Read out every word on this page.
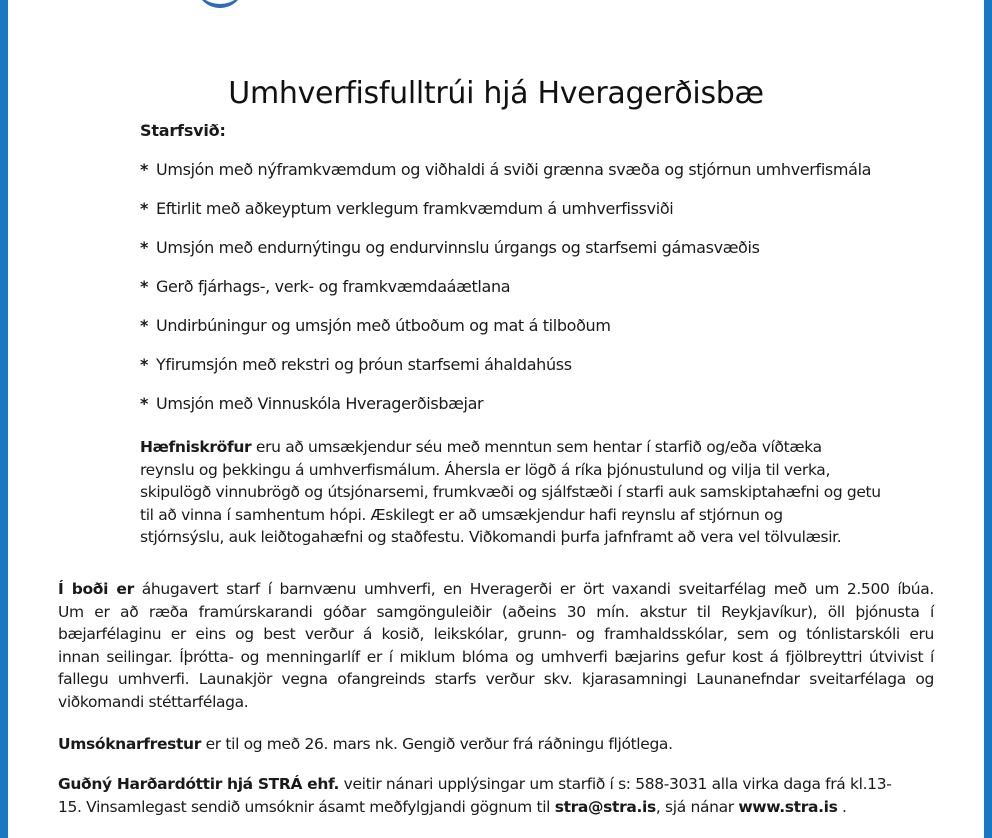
Umhverfisfulltrúi hjá Hveragerðisbæ
Starfsvið:
* Umsjón með nýframkvæmdum og viðhaldi á sviði grænna svæða og stjórnun umhverfismála
* Eftirlit með aðkeyptum verklegum framkvæmdum á umhverfissviði
* Umsjón með endurnýtingu og endurvinnslu úrgangs og starfsemi gámasvæðis
* Gerð fjárhags-, verk- og framkvæmdaáætlana
* Undirbúningur og umsjón með útboðum og mat á tilboðum
* Yfirumsjón með rekstri og þróun starfsemi áhaldahúss
* Umsjón með Vinnuskóla Hveragerðisbæjar

Hæfniskröfur eru að umsækjendur séu með menntun sem hentar í starfið og/eða víðtæka
reynslu og þekkingu á umhverfismálum. Áhersla er lögð á ríka þjónustulund og vilja til verka,
skipulögð vinnubrögð og útsjónarsemi, frumkvæði og sjálfstæði í starfi auk samskiptahæfni og getu
til að vinna í samhentum hópi. Æskilegt er að umsækjendur hafi reynslu af stjórnun og
stjórnsýslu, auk leiðtogahæfni og staðfestu. Viðkomandi þurfa jafnframt að vera vel tölvulæsir.

Í boði er áhugavert starf í barnvænu umhverfi, en Hveragerði er ört vaxandi sveitarfélag með um 2.500 íbúa.
Um er að ræða framúrskarandi góðar samgönguleiðir (aðeins 30 mín. akstur til Reykjavíkur), öll þjónusta í
bæjarfélaginu er eins og best verður á kosið, leikskólar, grunn- og framhaldsskólar, sem og tónlistarskóli eru
innan seilingar. Íþrótta- og menningarlíf er í miklum blóma og umhverfi bæjarins gefur kost á fjölbreyttri útvivist í
fallegu umhverfi. Launakjör vegna ofangreinds starfs verður skv. kjarasamningi Launanefndar sveitarfélaga og
viðkomandi stéttarfélaga.

Umsóknarfrestur er til og með 26. mars nk. Gengið verður frá ráðningu fljótlega.

Guðný Harðardóttir hjá STRÁ ehf. veitir nánari upplýsingar um starfið í s: 588-3031 alla virka daga frá kl.13-
15. Vinsamlegast sendið umsóknir ásamt meðfylgjandi gögnum til stra@stra.is, sjá nánar www.stra.is .
